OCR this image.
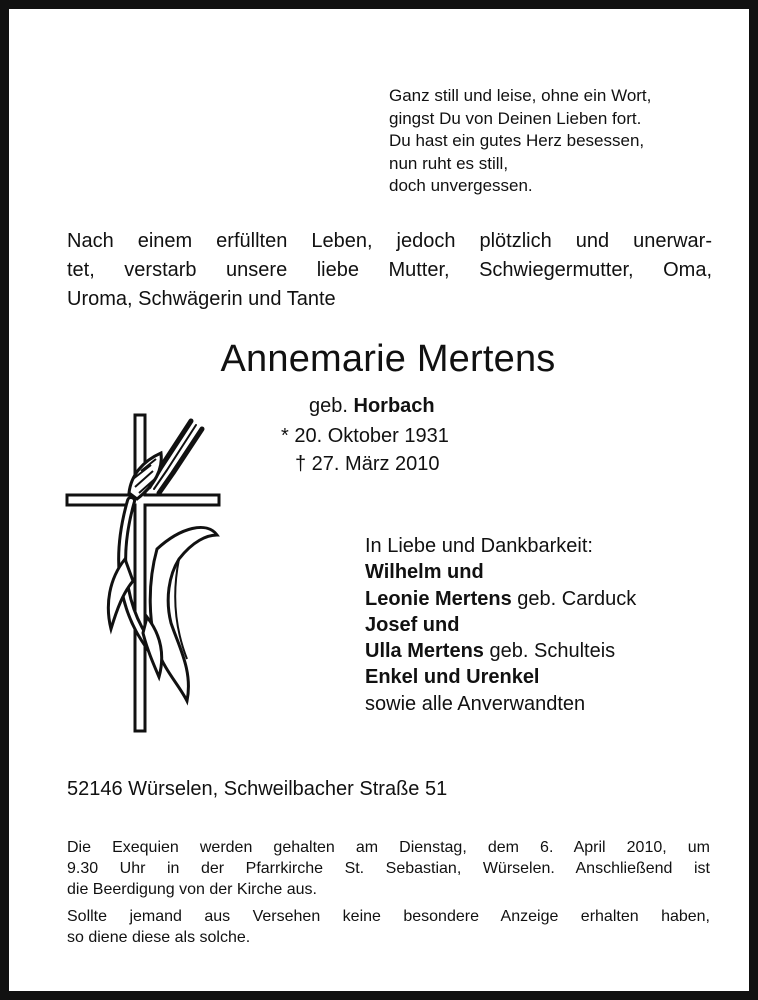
Ganz still und leise, ohne ein Wort,
gingst Du von Deinen Lieben fort.
Du hast ein gutes Herz besessen,
nun ruht es still,
doch unvergessen.
Nach einem erfüllten Leben, jedoch plötzlich und unerwar-
tet, verstarb unsere liebe Mutter, Schwiegermutter, Oma,
Uroma, Schwägerin und Tante
Annemarie Mertens
geb. Horbach
* 20. Oktober 1931
† 27. März 2010
In Liebe und Dankbarkeit:
Wilhelm und
Leonie Mertens geb. Carduck
Josef und
Ulla Mertens geb. Schulteis
Enkel und Urenkel
sowie alle Anverwandten
52146 Würselen, Schweilbacher Straße 51
Die Exequien werden gehalten am Dienstag, dem 6. April 2010, um
9.30 Uhr in der Pfarrkirche St. Sebastian, Würselen. Anschließend ist
die Beerdigung von der Kirche aus.
Sollte jemand aus Versehen keine besondere Anzeige erhalten haben,
so diene diese als solche.
